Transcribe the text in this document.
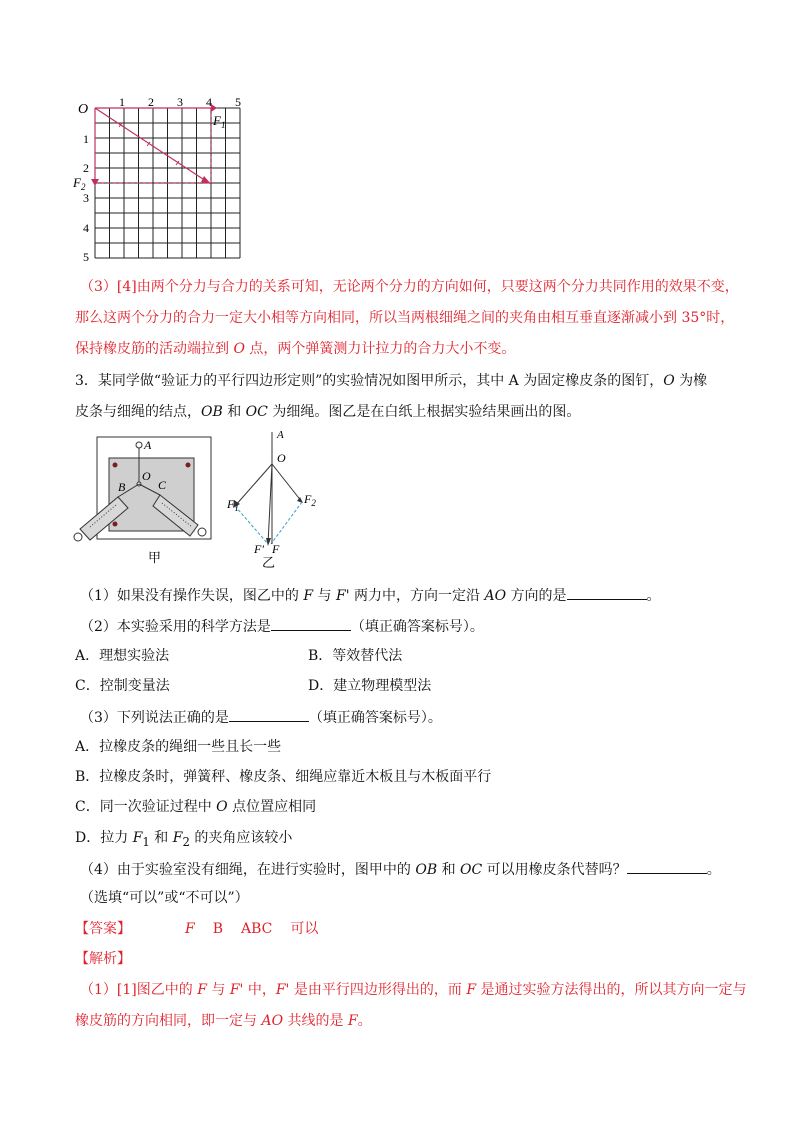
O	1 2 3 4 5
1
2
3
4
5
$F_1$
$F_2$
（3）[4]由两个分力与合力的关系可知，无论两个分力的方向如何，只要这两个分力共同作用的效果不变，
那么这两个分力的合力一定大小相等方向相同，所以当两根细绳之间的夹角由相互垂直逐渐减小到 35°时，
保持橡皮筋的活动端拉到 O 点，两个弹簧测力计拉力的合力大小不变。
3．某同学做“验证力的平行四边形定则”的实验情况如图甲所示，其中 A 为固定橡皮条的图钉，O 为橡
皮条与细绳的结点，OB 和 OC 为细绳。图乙是在白纸上根据实验结果画出的图。
A
O
B	C
甲
A
O
$F_1$
$F_2$
F′ F
乙
（1）如果没有操作失误，图乙中的 F 与 F' 两力中，方向一定沿 AO 方向的是	。
（2）本实验采用的科学方法是	（填正确答案标号）。
A．理想实验法	B．等效替代法
C．控制变量法	D．建立物理模型法
（3）下列说法正确的是	（填正确答案标号）。
A．拉橡皮条的绳细一些且长一些
B．拉橡皮条时，弹簧秤、橡皮条、细绳应靠近木板且与木板面平行
C．同一次验证过程中 O 点位置应相同
D．拉力 $F_1$ 和 $F_2$ 的夹角应该较小
（4）由于实验室没有细绳，在进行实验时，图甲中的 OB 和 OC 可以用橡皮条代替吗？	。
（选填“可以”或“不可以”）
【答案】	F B ABC 可以
【解析】
（1）[1]图乙中的 F 与 F' 中，F' 是由平行四边形得出的，而 F 是通过实验方法得出的，所以其方向一定与
橡皮筋的方向相同，即一定与 AO 共线的是 F。
